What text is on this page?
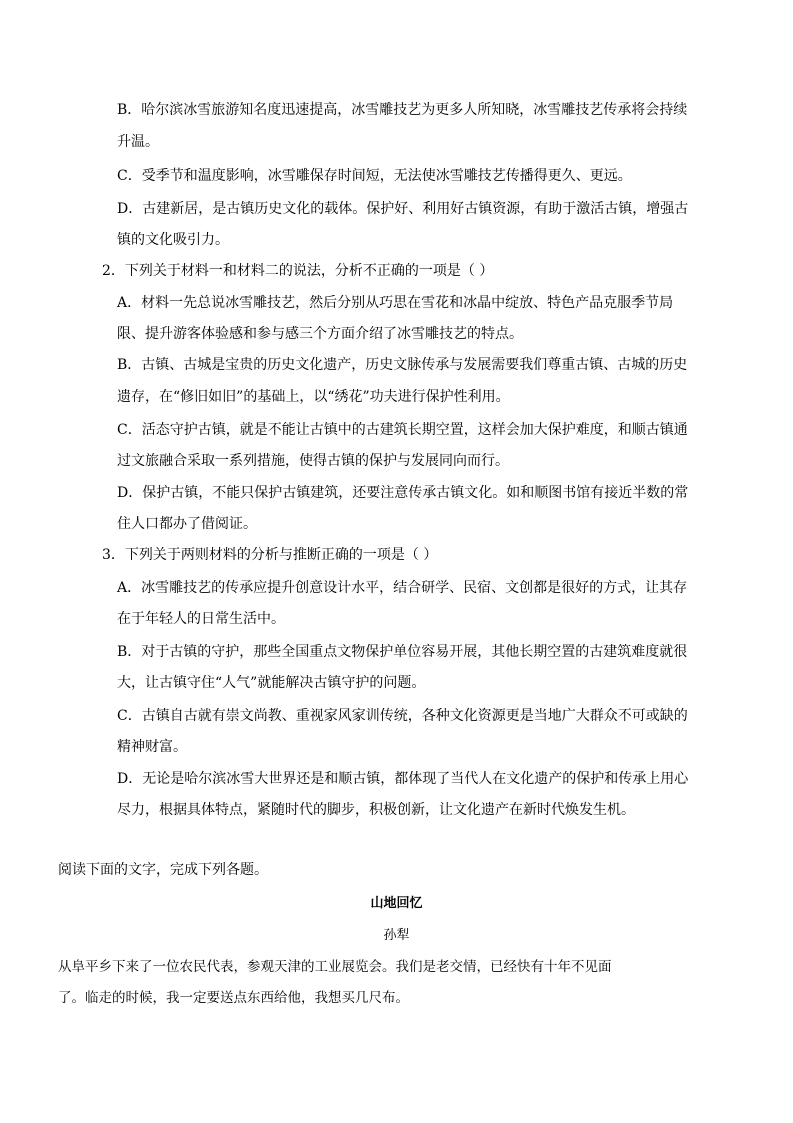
B．哈尔滨冰雪旅游知名度迅速提高，冰雪雕技艺为更多人所知晓，冰雪雕技艺传承将会持续
升温。
C．受季节和温度影响，冰雪雕保存时间短，无法使冰雪雕技艺传播得更久、更远。
D．古建新居，是古镇历史文化的载体。保护好、利用好古镇资源，有助于激活古镇，增强古
镇的文化吸引力。
2．下列关于材料一和材料二的说法，分析不正确的一项是（ ）
A．材料一先总说冰雪雕技艺，然后分别从巧思在雪花和冰晶中绽放、特色产品克服季节局
限、提升游客体验感和参与感三个方面介绍了冰雪雕技艺的特点。
B．古镇、古城是宝贵的历史文化遗产，历史文脉传承与发展需要我们尊重古镇、古城的历史
遗存，在“修旧如旧”的基础上，以“绣花”功夫进行保护性利用。
C．活态守护古镇，就是不能让古镇中的古建筑长期空置，这样会加大保护难度，和顺古镇通
过文旅融合采取一系列措施，使得古镇的保护与发展同向而行。
D．保护古镇，不能只保护古镇建筑，还要注意传承古镇文化。如和顺图书馆有接近半数的常
住人口都办了借阅证。
3．下列关于两则材料的分析与推断正确的一项是（ ）
A．冰雪雕技艺的传承应提升创意设计水平，结合研学、民宿、文创都是很好的方式，让其存
在于年轻人的日常生活中。
B．对于古镇的守护，那些全国重点文物保护单位容易开展，其他长期空置的古建筑难度就很
大，让古镇守住“人气”就能解决古镇守护的问题。
C．古镇自古就有崇文尚教、重视家风家训传统，各种文化资源更是当地广大群众不可或缺的
精神财富。
D．无论是哈尔滨冰雪大世界还是和顺古镇，都体现了当代人在文化遗产的保护和传承上用心
尽力，根据具体特点，紧随时代的脚步，积极创新，让文化遗产在新时代焕发生机。
阅读下面的文字，完成下列各题。
山地回忆
孙犁
从阜平乡下来了一位农民代表，参观天津的工业展览会。我们是老交情，已经快有十年不见面
了。临走的时候，我一定要送点东西给他，我想买几尺布。
